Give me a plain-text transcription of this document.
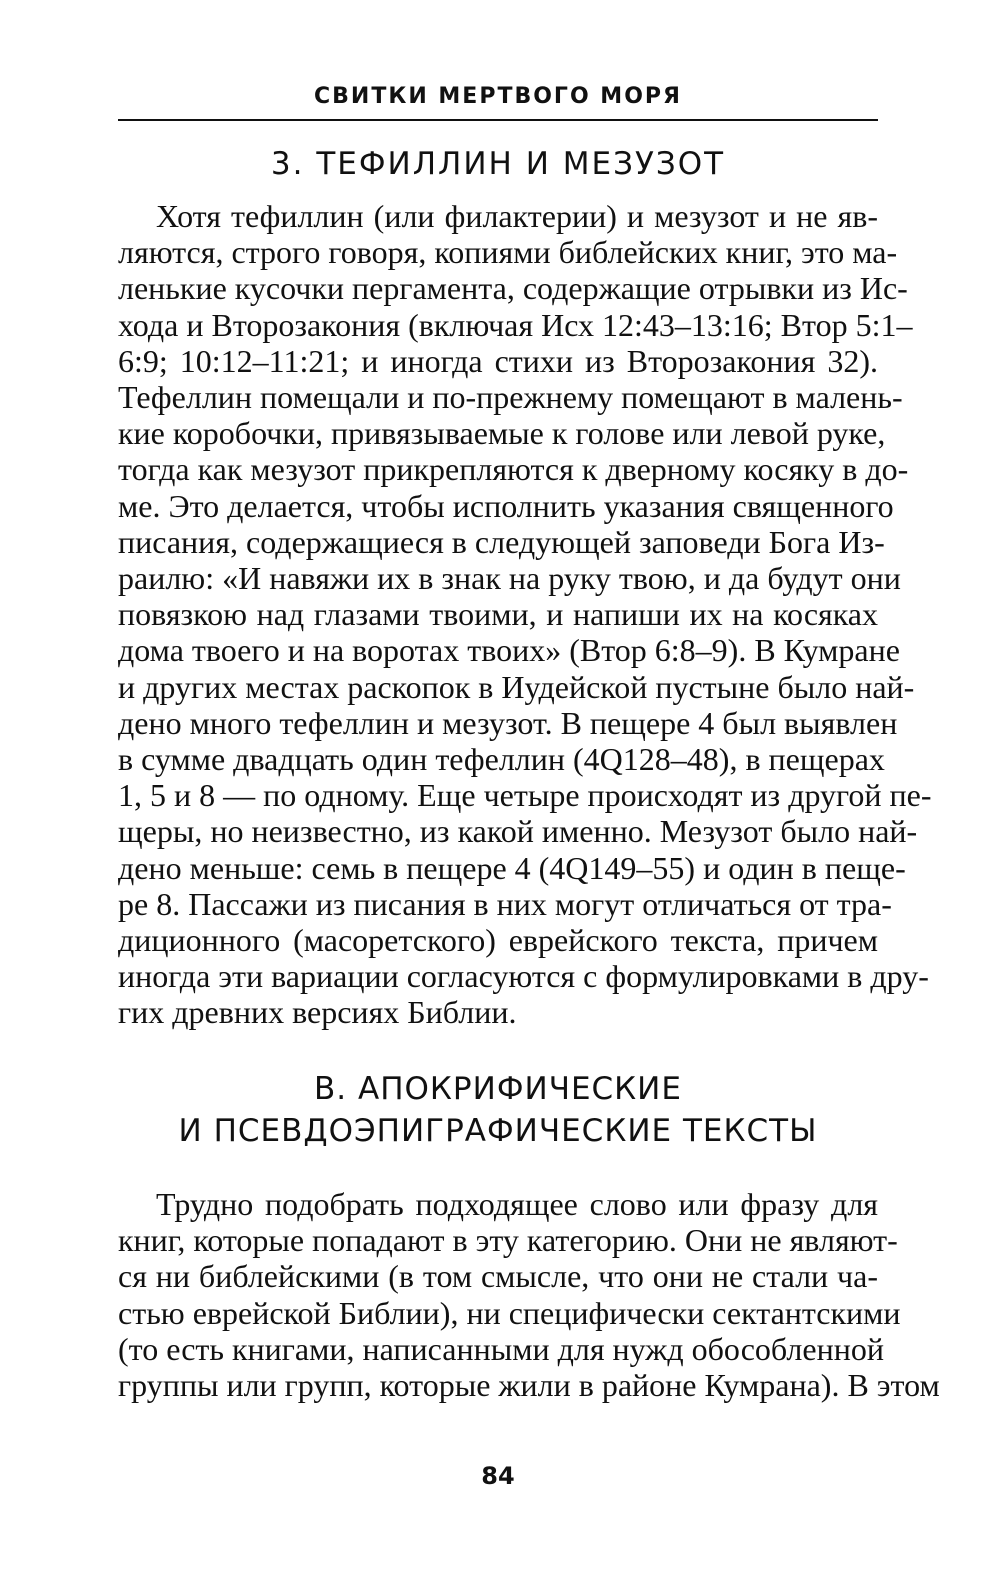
СВИТКИ МЕРТВОГО МОРЯ
3. ТЕФИЛЛИН И МЕЗУЗОТ
Хотя тефиллин (или филактерии) и мезузот и не яв-
ляются, строго говоря, копиями библейских книг, это ма-
ленькие кусочки пергамента, содержащие отрывки из Ис-
хода и Второзакония (включая Исх 12:43–13:16; Втор 5:1–
6:9; 10:12–11:21; и иногда стихи из Второзакония 32).
Тефеллин помещали и по-прежнему помещают в малень-
кие коробочки, привязываемые к голове или левой руке,
тогда как мезузот прикрепляются к дверному косяку в до-
ме. Это делается, чтобы исполнить указания священного
писания, содержащиеся в следующей заповеди Бога Из-
раилю: «И навяжи их в знак на руку твою, и да будут они
повязкою над глазами твоими, и напиши их на косяках
дома твоего и на воротах твоих» (Втор 6:8–9). В Кумране
и других местах раскопок в Иудейской пустыне было най-
дено много тефеллин и мезузот. В пещере 4 был выявлен
в сумме двадцать один тефеллин (4Q128–48), в пещерах
1, 5 и 8 — по одному. Еще четыре происходят из другой пе-
щеры, но неизвестно, из какой именно. Мезузот было най-
дено меньше: семь в пещере 4 (4Q149–55) и один в пеще-
ре 8. Пассажи из писания в них могут отличаться от тра-
диционного (масоретского) еврейского текста, причем
иногда эти вариации согласуются с формулировками в дру-
гих древних версиях Библии.
В. АПОКРИФИЧЕСКИЕ
И ПСЕВДОЭПИГРАФИЧЕСКИЕ ТЕКСТЫ
Трудно подобрать подходящее слово или фразу для
книг, которые попадают в эту категорию. Они не являют-
ся ни библейскими (в том смысле, что они не стали ча-
стью еврейской Библии), ни специфически сектантскими
(то есть книгами, написанными для нужд обособленной
группы или групп, которые жили в районе Кумрана). В этом
84
